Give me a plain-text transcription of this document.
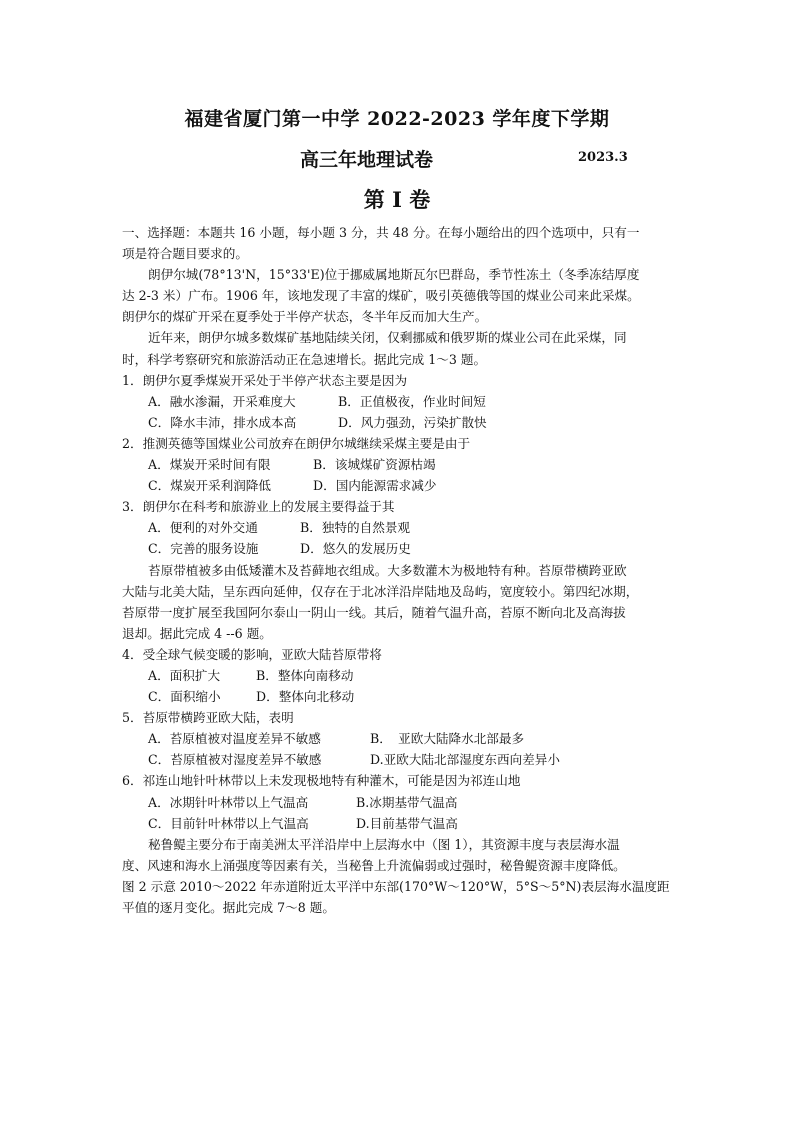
福建省厦门第一中学 2022-2023 学年度下学期
高三年地理试卷	2023.3
第 I 卷
一、选择题：本题共 16 小题，每小题 3 分，共 48 分。在每小题给出的四个选项中，只有一
项是符合题目要求的。
朗伊尔城(78°13'N，15°33'E)位于挪威属地斯瓦尔巴群岛，季节性冻土（冬季冻结厚度
达 2-3 米）广布。1906 年，该地发现了丰富的煤矿，吸引英德俄等国的煤业公司来此采煤。
朗伊尔的煤矿开采在夏季处于半停产状态，冬半年反而加大生产。
近年来，朗伊尔城多数煤矿基地陆续关闭，仅剩挪威和俄罗斯的煤业公司在此采煤，同
时，科学考察研究和旅游活动正在急速增长。据此完成 1～3 题。
1．朗伊尔夏季煤炭开采处于半停产状态主要是因为
A．融水渗漏，开采难度大	B．正值极夜，作业时间短
C．降水丰沛，排水成本高	D．风力强劲，污染扩散快
2．推测英德等国煤业公司放弃在朗伊尔城继续采煤主要是由于
A．煤炭开采时间有限	B．该城煤矿资源枯竭
C．煤炭开采利润降低	D．国内能源需求减少
3．朗伊尔在科考和旅游业上的发展主要得益于其
A．便利的对外交通	B．独特的自然景观
C．完善的服务设施	D．悠久的发展历史
苔原带植被多由低矮灌木及苔藓地衣组成。大多数灌木为极地特有种。苔原带横跨亚欧
大陆与北美大陆，呈东西向延伸，仅存在于北冰洋沿岸陆地及岛屿，宽度较小。第四纪冰期，
苔原带一度扩展至我国阿尔泰山一阴山一线。其后，随着气温升高，苔原不断向北及高海拔
退却。据此完成 4 --6 题。
4．受全球气候变暖的影响，亚欧大陆苔原带将
A．面积扩大	B．整体向南移动
C．面积缩小	D．整体向北移动
5．苔原带横跨亚欧大陆，表明
A．苔原植被对温度差异不敏感	B．　亚欧大陆降水北部最多
C．苔原植被对湿度差异不敏感	D.亚欧大陆北部湿度东西向差异小
6．祁连山地针叶林带以上未发现极地特有种灌木，可能是因为祁连山地
A．冰期针叶林带以上气温高	B.冰期基带气温高
C．目前针叶林带以上气温高	D.目前基带气温高
秘鲁鳀主要分布于南美洲太平洋沿岸中上层海水中（图 1），其资源丰度与表层海水温
度、风速和海水上涌强度等因素有关，当秘鲁上升流偏弱或过强时，秘鲁鳀资源丰度降低。
图 2 示意 2010～2022 年赤道附近太平洋中东部(170°W～120°W，5°S～5°N)表层海水温度距
平值的逐月变化。据此完成 7～8 题。
